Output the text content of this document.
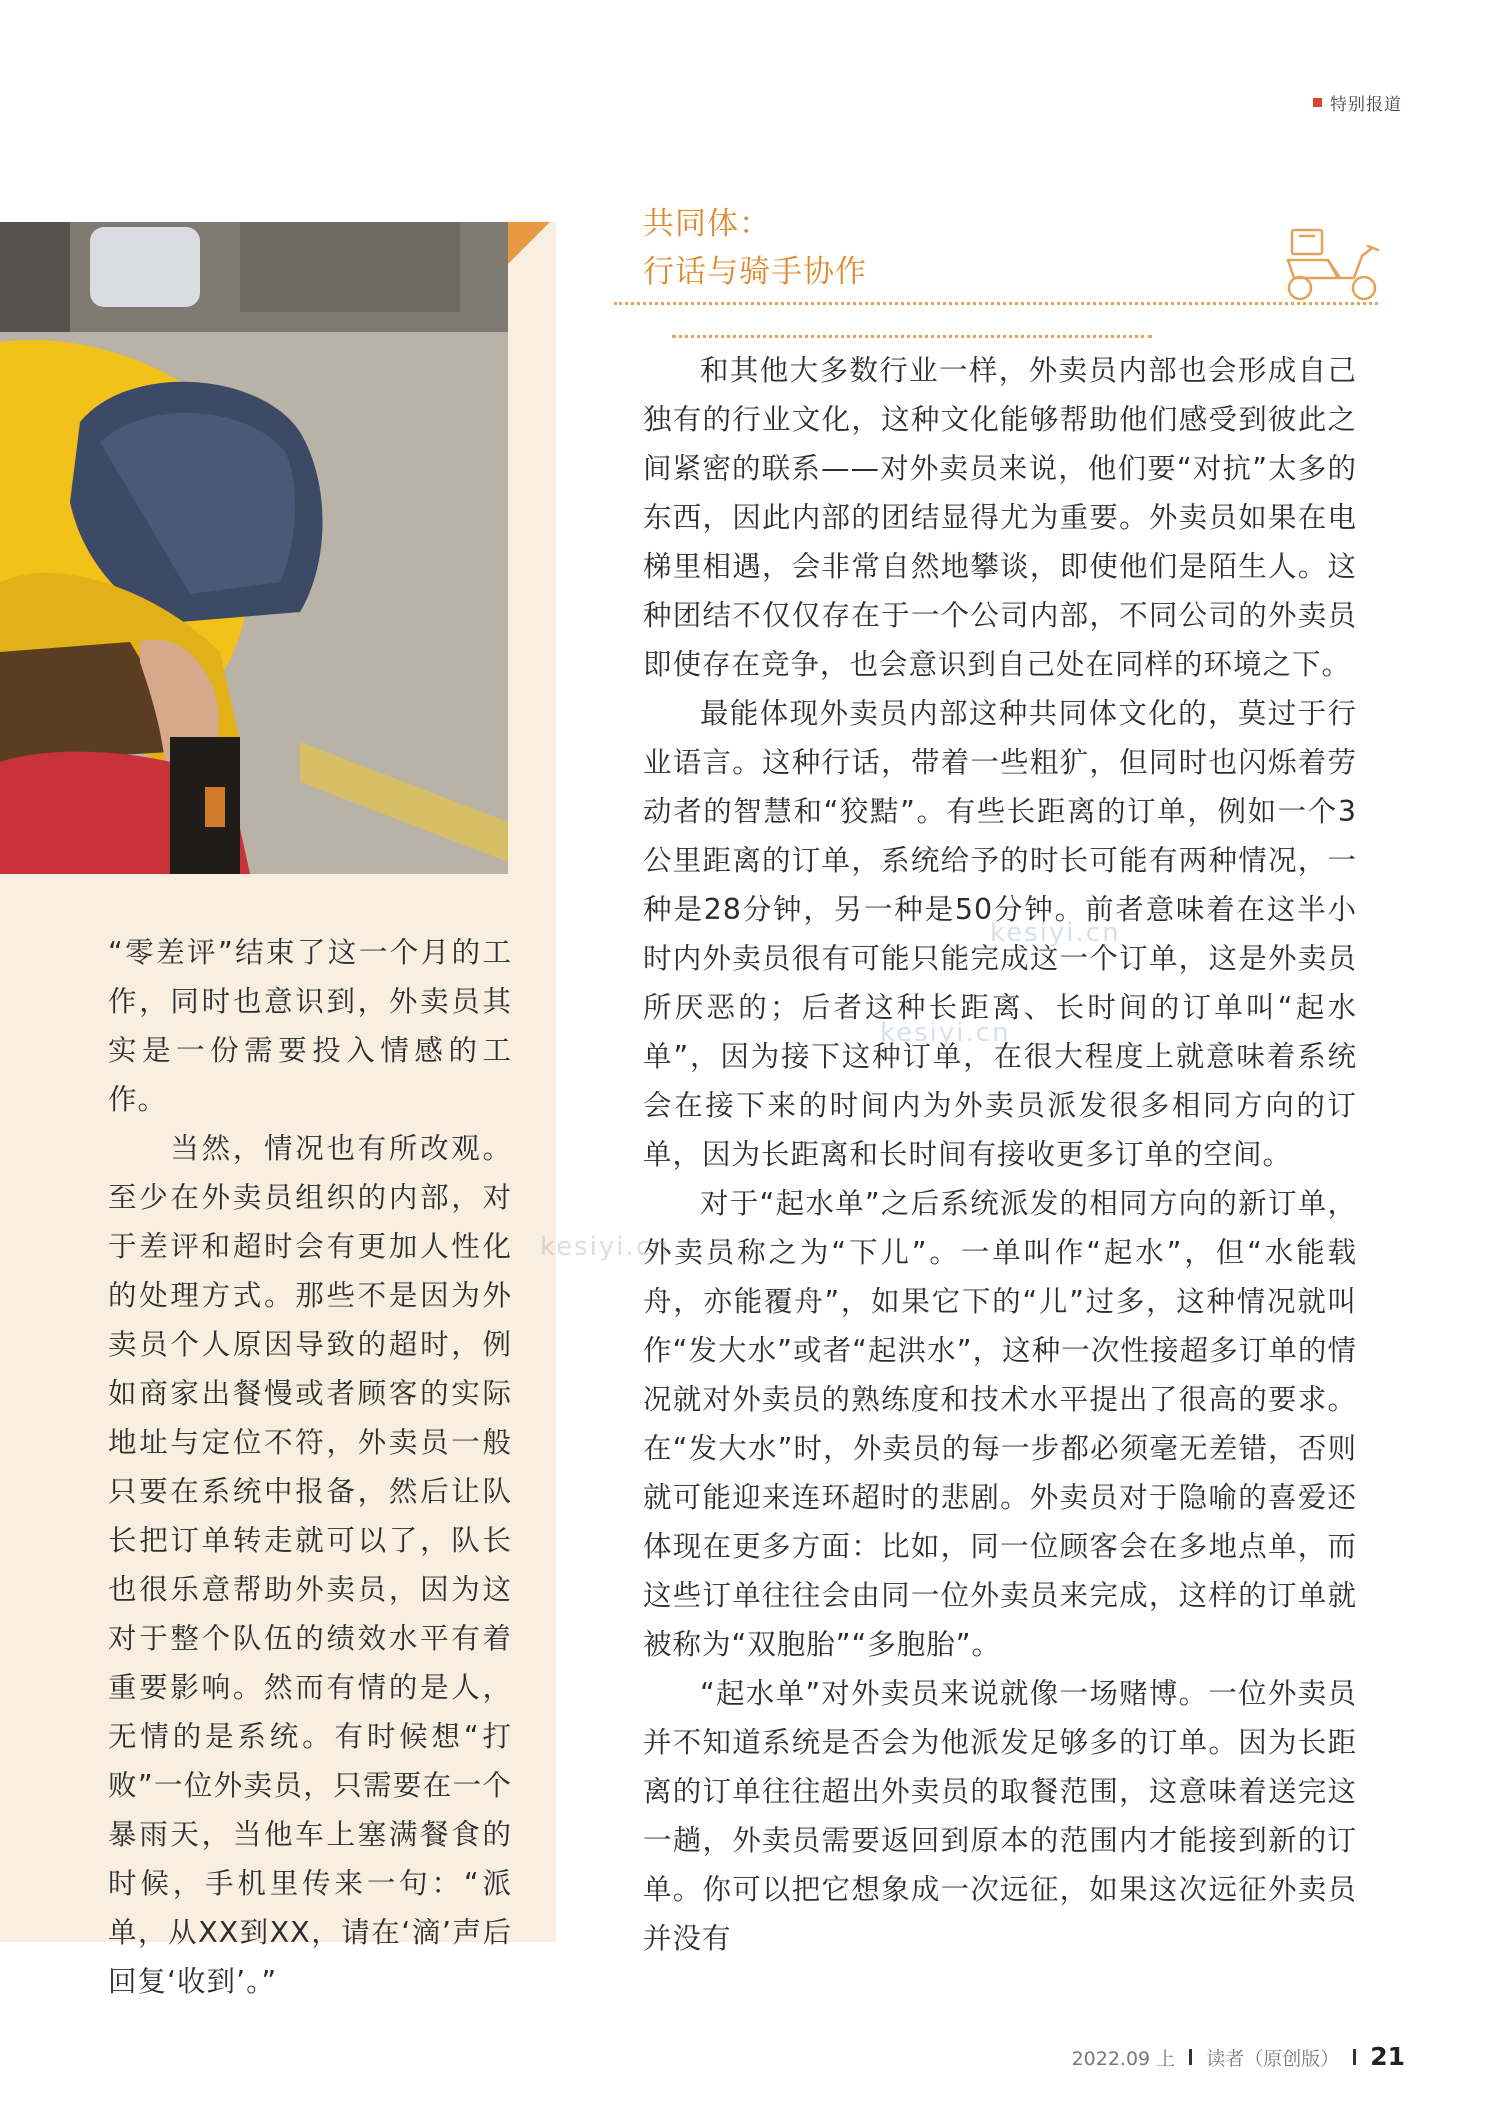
特别报道

“零差评”结束了这一个月的工作，同时也意识到，外卖员其实是一份需要投入情感的工作。

　　当然，情况也有所改观。至少在外卖员组织的内部，对于差评和超时会有更加人性化的处理方式。那些不是因为外卖员个人原因导致的超时，例如商家出餐慢或者顾客的实际地址与定位不符，外卖员一般只要在系统中报备，然后让队长把订单转走就可以了，队长也很乐意帮助外卖员，因为这对于整个队伍的绩效水平有着重要影响。然而有情的是人，无情的是系统。有时候想“打败”一位外卖员，只需要在一个暴雨天，当他车上塞满餐食的时候，手机里传来一句：“派单，从XX到XX，请在‘滴’声后回复‘收到’。”

共同体：
行话与骑手协作

和其他大多数行业一样，外卖员内部也会形成自己独有的行业文化，这种文化能够帮助他们感受到彼此之间紧密的联系——对外卖员来说，他们要“对抗”太多的东西，因此内部的团结显得尤为重要。外卖员如果在电梯里相遇，会非常自然地攀谈，即使他们是陌生人。这种团结不仅仅存在于一个公司内部，不同公司的外卖员即使存在竞争，也会意识到自己处在同样的环境之下。

最能体现外卖员内部这种共同体文化的，莫过于行业语言。这种行话，带着一些粗犷，但同时也闪烁着劳动者的智慧和“狡黠”。有些长距离的订单，例如一个3公里距离的订单，系统给予的时长可能有两种情况，一种是28分钟，另一种是50分钟。前者意味着在这半小时内外卖员很有可能只能完成这一个订单，这是外卖员所厌恶的；后者这种长距离、长时间的订单叫“起水单”，因为接下这种订单，在很大程度上就意味着系统会在接下来的时间内为外卖员派发很多相同方向的订单，因为长距离和长时间有接收更多订单的空间。

对于“起水单”之后系统派发的相同方向的新订单，外卖员称之为“下儿”。一单叫作“起水”，但“水能载舟，亦能覆舟”，如果它下的“儿”过多，这种情况就叫作“发大水”或者“起洪水”，这种一次性接超多订单的情况就对外卖员的熟练度和技术水平提出了很高的要求。在“发大水”时，外卖员的每一步都必须毫无差错，否则就可能迎来连环超时的悲剧。外卖员对于隐喻的喜爱还体现在更多方面：比如，同一位顾客会在多地点单，而这些订单往往会由同一位外卖员来完成，这样的订单就被称为“双胞胎”“多胞胎”。

“起水单”对外卖员来说就像一场赌博。一位外卖员并不知道系统是否会为他派发足够多的订单。因为长距离的订单往往超出外卖员的取餐范围，这意味着送完这一趟，外卖员需要返回到原本的范围内才能接到新的订单。你可以把它想象成一次远征，如果这次远征外卖员并没有

kesiyi.cn
kesiyi.cn
kesiyi.cn
2022.09 上 读者（原创版） 21
